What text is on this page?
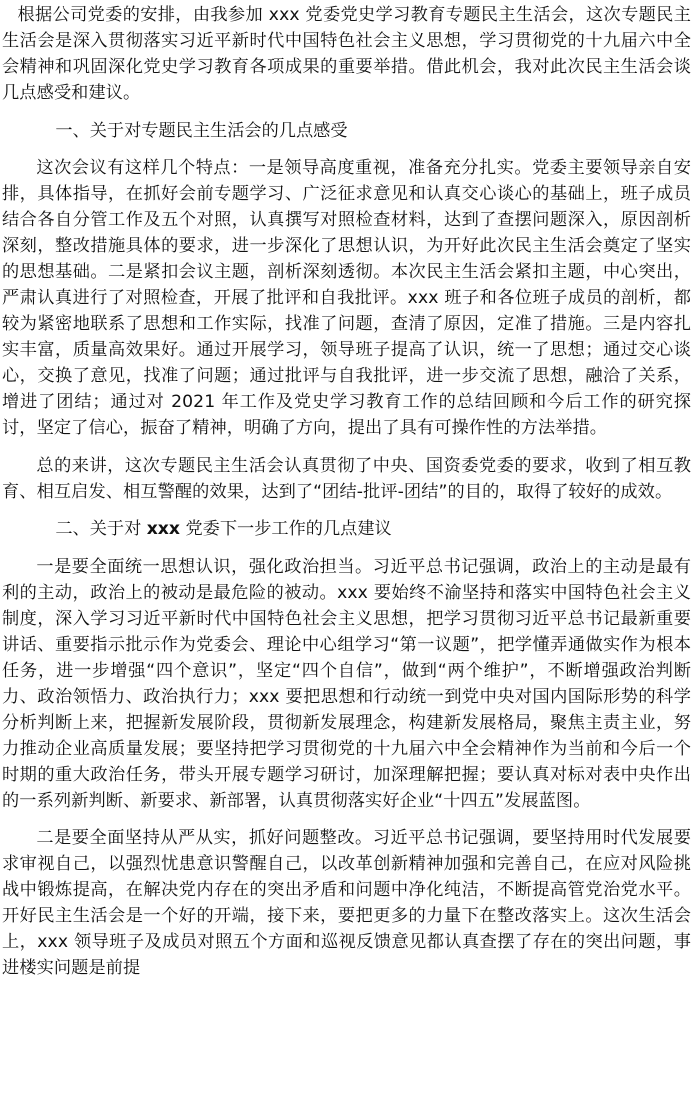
根据公司党委的安排，由我参加 xxx 党委党史学习教育专题民主生活会，这次专题民主生活会是深入贯彻落实习近平新时代中国特色社会主义思想，学习贯彻党的十九届六中全会精神和巩固深化党史学习教育各项成果的重要举措。借此机会，我对此次民主生活会谈几点感受和建议。

一、关于对专题民主生活会的几点感受

这次会议有这样几个特点：一是领导高度重视，准备充分扎实。党委主要领导亲自安排，具体指导，在抓好会前专题学习、广泛征求意见和认真交心谈心的基础上，班子成员结合各自分管工作及五个对照，认真撰写对照检查材料，达到了查摆问题深入，原因剖析深刻，整改措施具体的要求，进一步深化了思想认识，为开好此次民主生活会奠定了坚实的思想基础。二是紧扣会议主题，剖析深刻透彻。本次民主生活会紧扣主题，中心突出，严肃认真进行了对照检查，开展了批评和自我批评。xxx 班子和各位班子成员的剖析，都较为紧密地联系了思想和工作实际，找准了问题，查清了原因，定准了措施。三是内容扎实丰富，质量高效果好。通过开展学习，领导班子提高了认识，统一了思想；通过交心谈心，交换了意见，找准了问题；通过批评与自我批评，进一步交流了思想，融洽了关系，增进了团结；通过对 2021 年工作及党史学习教育工作的总结回顾和今后工作的研究探讨，坚定了信心，振奋了精神，明确了方向，提出了具有可操作性的方法举措。

总的来讲，这次专题民主生活会认真贯彻了中央、国资委党委的要求，收到了相互教育、相互启发、相互警醒的效果，达到了“团结-批评-团结”的目的，取得了较好的成效。

二、关于对 xxx 党委下一步工作的几点建议

一是要全面统一思想认识，强化政治担当。习近平总书记强调，政治上的主动是最有利的主动，政治上的被动是最危险的被动。xxx 要始终不渝坚持和落实中国特色社会主义制度，深入学习习近平新时代中国特色社会主义思想，把学习贯彻习近平总书记最新重要讲话、重要指示批示作为党委会、理论中心组学习“第一议题”，把学懂弄通做实作为根本任务，进一步增强“四个意识”，坚定“四个自信”，做到“两个维护”，不断增强政治判断力、政治领悟力、政治执行力；xxx 要把思想和行动统一到党中央对国内国际形势的科学分析判断上来，把握新发展阶段，贯彻新发展理念，构建新发展格局，聚焦主责主业，努力推动企业高质量发展；要坚持把学习贯彻党的十九届六中全会精神作为当前和今后一个时期的重大政治任务，带头开展专题学习研讨，加深理解把握；要认真对标对表中央作出的一系列新判断、新要求、新部署，认真贯彻落实好企业“十四五”发展蓝图。

二是要全面坚持从严从实，抓好问题整改。习近平总书记强调，要坚持用时代发展要求审视自己，以强烈忧患意识警醒自己，以改革创新精神加强和完善自己，在应对风险挑战中锻炼提高，在解决党内存在的突出矛盾和问题中净化纯洁，不断提高管党治党水平。开好民主生活会是一个好的开端，接下来，要把更多的力量下在整改落实上。这次生活会上，xxx 领导班子及成员对照五个方面和巡视反馈意见都认真查摆了存在的突出问题，事进楼实问题是前提
